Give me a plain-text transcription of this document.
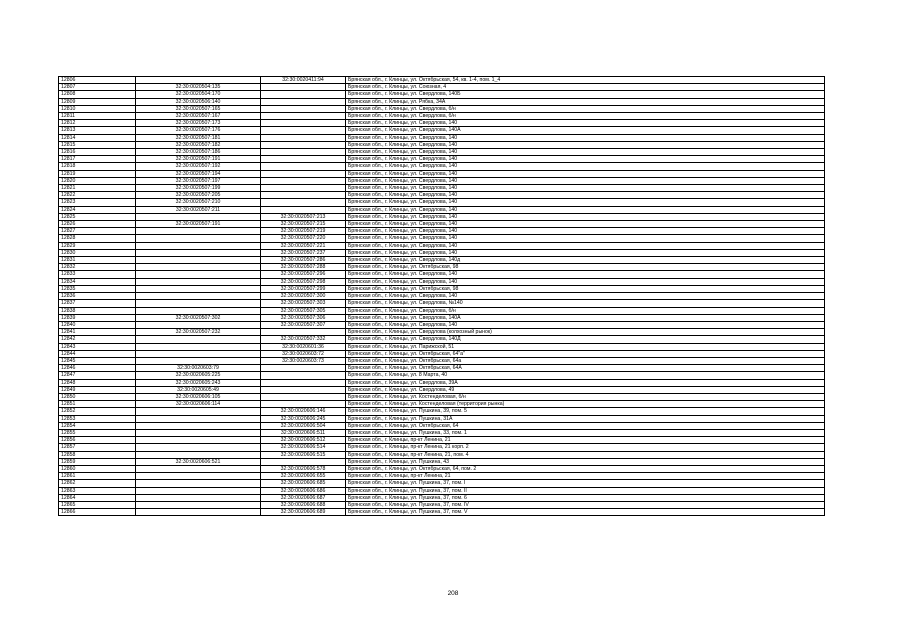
12806		32:30:0020411:94	Брянская обл., г. Клинцы, ул. Октябрьская, 54, кв. 1-4, пом. 1_4
12807	32:30:0020504:135		Брянская обл., г. Клинцы, ул. Союзная, 4
12808	32:30:0020504:170		Брянская обл., г. Клинцы, ул. Свердлова, 140Б
12809	32:30:0020506:140		Брянская обл., г. Клинцы, ул. Рябка, 34А
12810	32:30:0020507:165		Брянская обл., г. Клинцы, ул. Свердлова, б/н
12811	32:30:0020507:167		Брянская обл., г. Клинцы, ул. Свердлова, б/н
12812	32:30:0020507:173		Брянская обл., г. Клинцы, ул. Свердлова, 140
12813	32:30:0020507:176		Брянская обл., г. Клинцы, ул. Свердлова, 140А
12814	32:30:0020507:181		Брянская обл., г. Клинцы, ул. Свердлова, 140
12815	32:30:0020507:182		Брянская обл., г. Клинцы, ул. Свердлова, 140
12816	32:30:0020507:186		Брянская обл., г. Клинцы, ул. Свердлова, 140
12817	32:30:0020507:191		Брянская обл., г. Клинцы, ул. Свердлова, 140
12818	32:30:0020507:192		Брянская обл., г. Клинцы, ул. Свердлова, 140
12819	32:30:0020507:194		Брянская обл., г. Клинцы, ул. Свердлова, 140
12820	32:30:0020507:197		Брянская обл., г. Клинцы, ул. Свердлова, 140
12821	32:30:0020507:199		Брянская обл., г. Клинцы, ул. Свердлова, 140
12822	32:30:0020507:205		Брянская обл., г. Клинцы, ул. Свердлова, 140
12823	32:30:0020507:210		Брянская обл., г. Клинцы, ул. Свердлова, 140
12824	32:30:0020507:211		Брянская обл., г. Клинцы, ул. Свердлова, 140
12825		32:30:0020507:213	Брянская обл., г. Клинцы, ул. Свердлова, 140
12826	32:30:0020507:191	32:30:0020507:215	Брянская обл., г. Клинцы, ул. Свердлова, 140
12827		32:30:0020507:219	Брянская обл., г. Клинцы, ул. Свердлова, 140
12828		32:30:0020507:220	Брянская обл., г. Клинцы, ул. Свердлова, 140
12829		32:30:0020507:221	Брянская обл., г. Клинцы, ул. Свердлова, 140
12830		32:30:0020507:237	Брянская обл., г. Клинцы, ул. Свердлова, 140
12831		32:30:0020507:286	Брянская обл., г. Клинцы, ул. Свердлова, 140д
12832		32:30:0020507:288	Брянская обл., г. Клинцы, ул. Октябрьская, 98
12833		32:30:0020507:296	Брянская обл., г. Клинцы, ул. Свердлова, 140
12834		32:30:0020507:298	Брянская обл., г. Клинцы, ул. Свердлова, 140
12835		32:30:0020507:299	Брянская обл., г. Клинцы, ул. Октябрьская, 98
12836		32:30:0020507:300	Брянская обл., г. Клинцы, ул. Свердлова, 140
12837		32:30:0020507:303	Брянская обл., г. Клинцы, ул. Свердлова, №140
12838		32:30:0020507:305	Брянская обл., г. Клинцы, ул. Свердлова, б/н
12839	32:30:0020507:302	32:30:0020507:306	Брянская обл., г. Клинцы, ул. Свердлова, 140А
12840		32:30:0020507:307	Брянская обл., г. Клинцы, ул. Свердлова, 140
12841	32:30:0020507:232		Брянская обл., г. Клинцы, ул. Свердлова (колхозный рынок)
12842		32:30:0020507:332	Брянская обл., г. Клинцы, ул. Свердлова, 140Д
12843		32:30:0020601:36	Брянская обл., г. Клинцы, ул. Парижской, 51
12844		32:30:0020603:72	Брянская обл., г. Клинцы, ул. Октябрьская, 64"а"
12845		32:30:0020603:73	Брянская обл., г. Клинцы, ул. Октябрьская, 64а
12846	32:30:0020603:79		Брянская обл., г. Клинцы, ул. Октябрьская, 64А
12847	32:30:0020605:225		Брянская обл., г. Клинцы, ул. 8 Марта, 40
12848	32:30:0020605:243		Брянская обл., г. Клинцы, ул. Свердлова, 39А
12849	32:30:0020605:49		Брянская обл., г. Клинцы, ул. Свердлова, 49
12850	32:30:0020606:105		Брянская обл., г. Клинцы, ул. Костенделовая, б/н
12851	32:30:0020606:114		Брянская обл., г. Клинцы, ул. Костенделовая (территория рынка)
12852		32:30:0020606:146	Брянская обл., г. Клинцы, ул. Пушкина, 39, пом. 5
12853		32:30:0020606:245	Брянская обл., г. Клинцы, ул. Пушкина, 31А
12854		32:30:0020606:504	Брянская обл., г. Клинцы, ул. Октябрьская, 64
12855		32:30:0020606:511	Брянская обл., г. Клинцы, ул. Пушкина, 33, пом. 1
12856		32:30:0020606:512	Брянская обл., г. Клинцы, пр-кт Ленина, 21
12857		32:30:0020606:514	Брянская обл., г. Клинцы, пр-кт Ленина, 21 корп. 2
12858		32:30:0020606:515	Брянская обл., г. Клинцы, пр-кт Ленина, 21, пом. 4
12859	32:30:0020606:521		Брянская обл., г. Клинцы, ул. Пушкина, 43
12860		32:30:0020606:578	Брянская обл., г. Клинцы, ул. Октябрьская, 64, пом. 2
12861		32:30:0020606:655	Брянская обл., г. Клинцы, пр-кт Ленина, 21
12862		32:30:0020606:685	Брянская обл., г. Клинцы, ул. Пушкина, 37, пом. I
12863		32:30:0020606:686	Брянская обл., г. Клинцы, ул. Пушкина, 37, пом. II
12864		32:30:0020606:687	Брянская обл., г. Клинцы, ул. Пушкина, 37, пом. 6
12865		32:30:0020606:688	Брянская обл., г. Клинцы, ул. Пушкина, 37, пом. IV
12866		32:30:0020606:689	Брянская обл., г. Клинцы, ул. Пушкина, 37, пом. V
208
